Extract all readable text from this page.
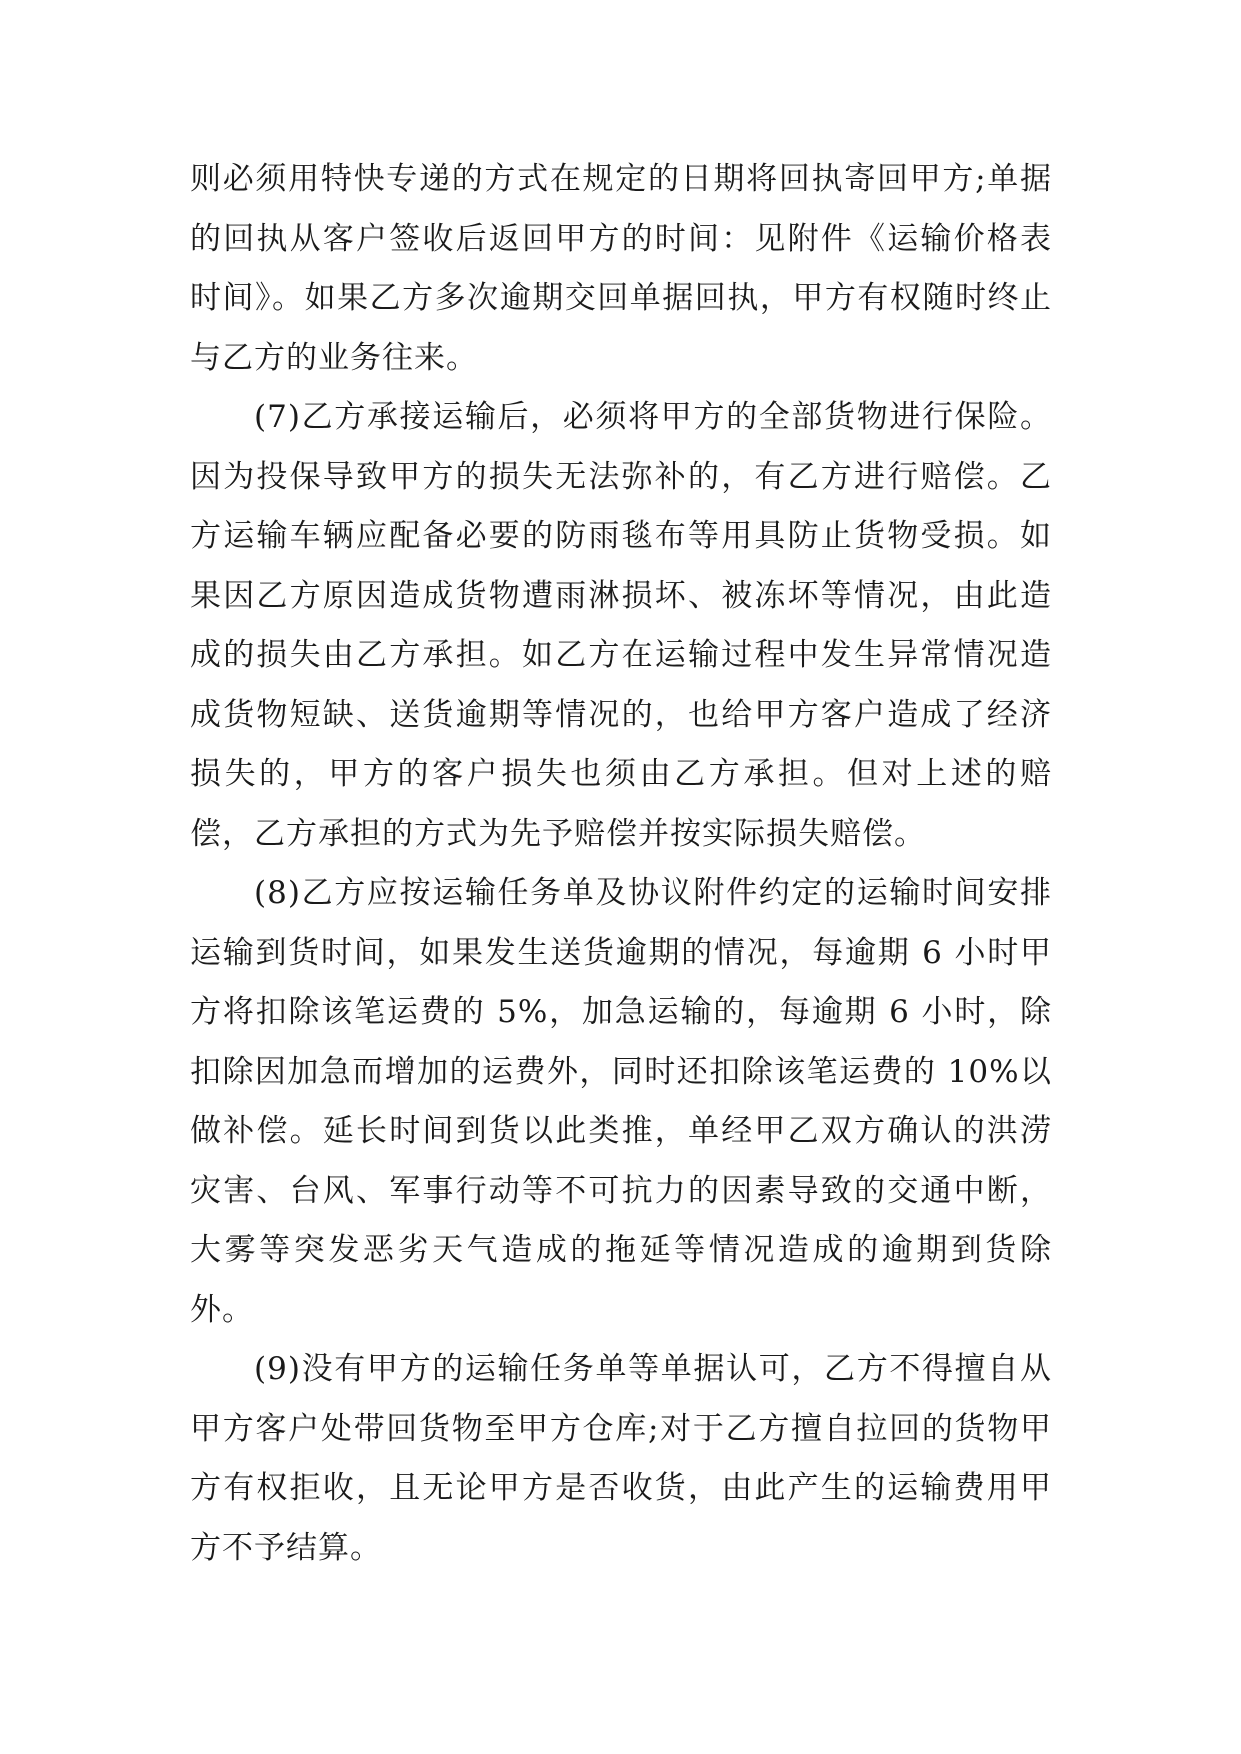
则必须用特快专递的方式在规定的日期将回执寄回甲方;单据的回执从客户签收后返回甲方的时间：见附件《运输价格表时间》。如果乙方多次逾期交回单据回执，甲方有权随时终止与乙方的业务往来。

(7)乙方承接运输后，必须将甲方的全部货物进行保险。因为投保导致甲方的损失无法弥补的，有乙方进行赔偿。乙方运输车辆应配备必要的防雨毯布等用具防止货物受损。如果因乙方原因造成货物遭雨淋损坏、被冻坏等情况，由此造成的损失由乙方承担。如乙方在运输过程中发生异常情况造成货物短缺、送货逾期等情况的，也给甲方客户造成了经济损失的，甲方的客户损失也须由乙方承担。但对上述的赔偿，乙方承担的方式为先予赔偿并按实际损失赔偿。

(8)乙方应按运输任务单及协议附件约定的运输时间安排运输到货时间，如果发生送货逾期的情况，每逾期 6 小时甲方将扣除该笔运费的 5%，加急运输的，每逾期 6 小时，除扣除因加急而增加的运费外，同时还扣除该笔运费的 10%以做补偿。延长时间到货以此类推，单经甲乙双方确认的洪涝灾害、台风、军事行动等不可抗力的因素导致的交通中断，大雾等突发恶劣天气造成的拖延等情况造成的逾期到货除外。

(9)没有甲方的运输任务单等单据认可，乙方不得擅自从甲方客户处带回货物至甲方仓库;对于乙方擅自拉回的货物甲方有权拒收，且无论甲方是否收货，由此产生的运输费用甲方不予结算。
